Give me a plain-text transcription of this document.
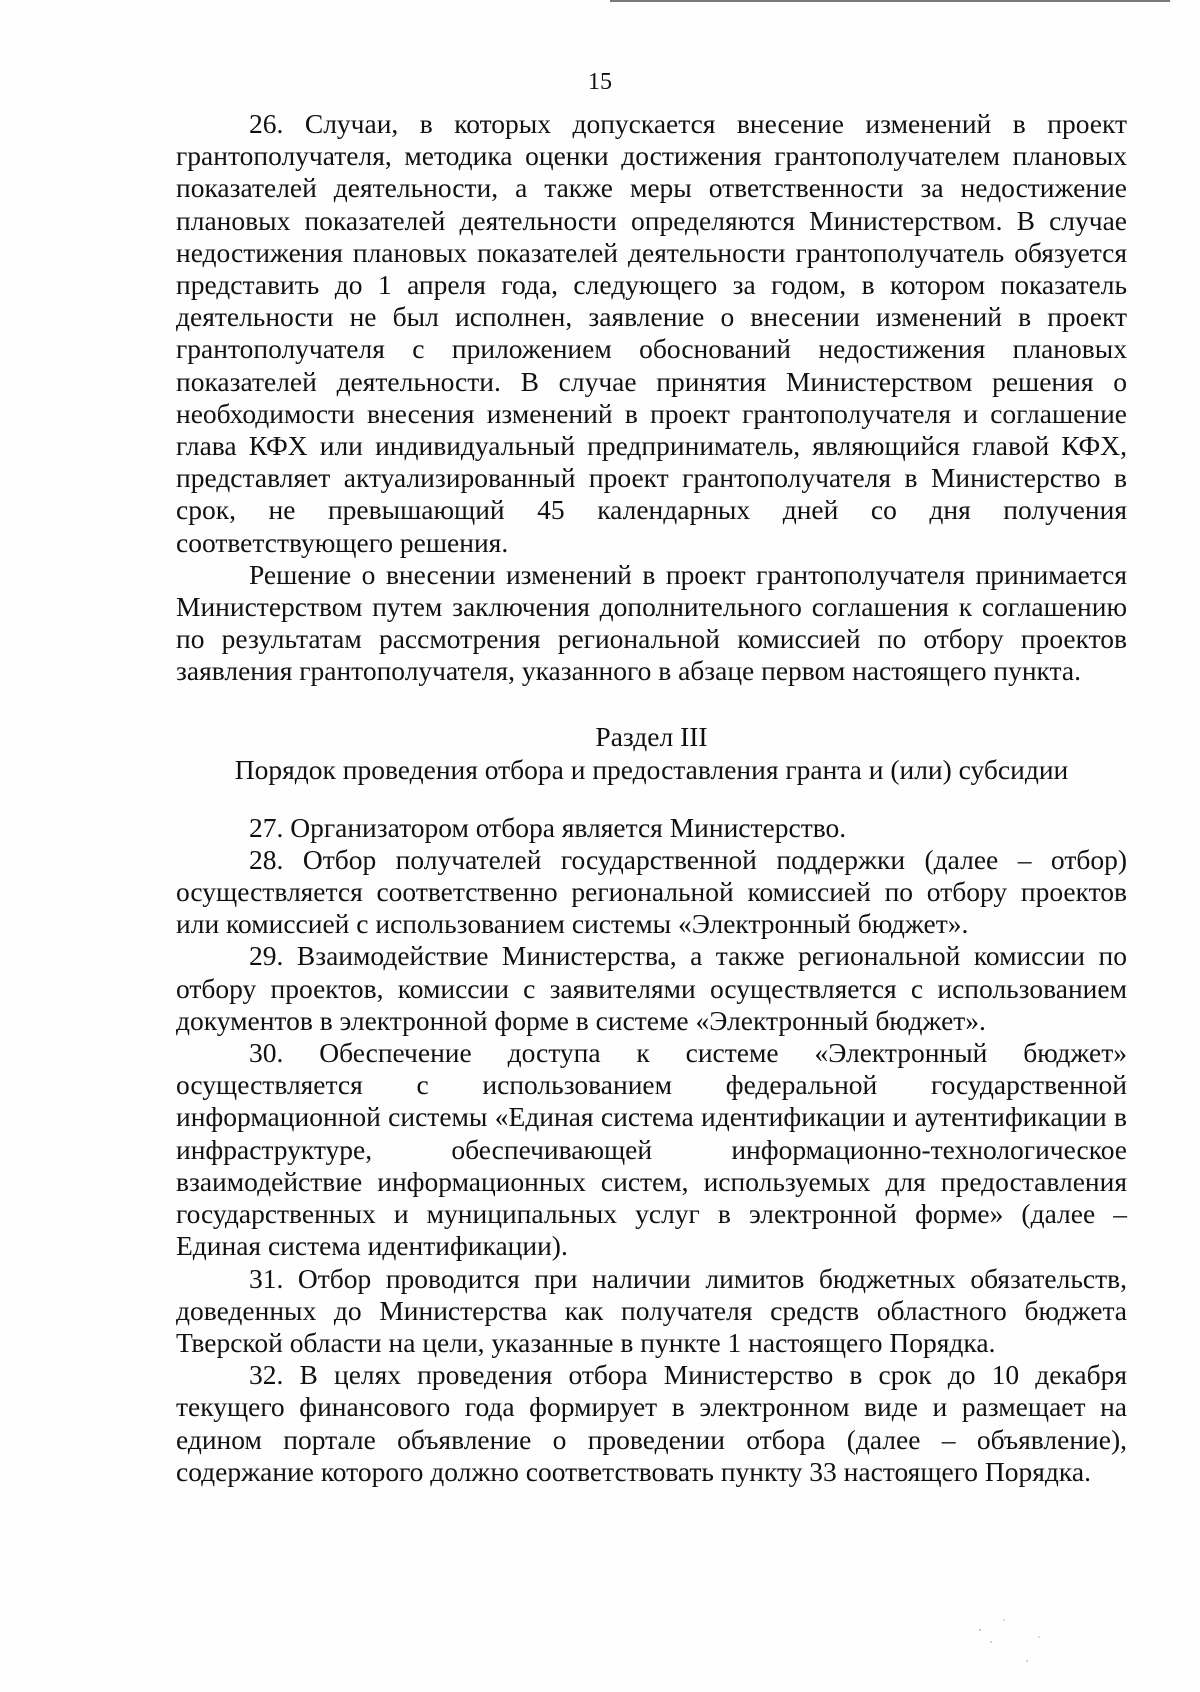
15

26. Случаи, в которых допускается внесение изменений в проект грантополучателя, методика оценки достижения грантополучателем плановых показателей деятельности, а также меры ответственности за недостижение плановых показателей деятельности определяются Министерством. В случае недостижения плановых показателей деятельности грантополучатель обязуется представить до 1 апреля года, следующего за годом, в котором показатель деятельности не был исполнен, заявление о внесении изменений в проект грантополучателя с приложением обоснований недостижения плановых показателей деятельности. В случае принятия Министерством решения о необходимости внесения изменений в проект грантополучателя и соглашение глава КФХ или индивидуальный предприниматель, являющийся главой КФХ, представляет актуализированный проект грантополучателя в Министерство в срок, не превышающий 45 календарных дней со дня получения соответствующего решения.

Решение о внесении изменений в проект грантополучателя принимается Министерством путем заключения дополнительного соглашения к соглашению по результатам рассмотрения региональной комиссией по отбору проектов заявления грантополучателя, указанного в абзаце первом настоящего пункта.

Раздел III

Порядок проведения отбора и предоставления гранта и (или) субсидии

27. Организатором отбора является Министерство.

28. Отбор получателей государственной поддержки (далее – отбор) осуществляется соответственно региональной комиссией по отбору проектов или комиссией с использованием системы «Электронный бюджет».

29. Взаимодействие Министерства, а также региональной комиссии по отбору проектов, комиссии с заявителями осуществляется с использованием документов в электронной форме в системе «Электронный бюджет».

30. Обеспечение доступа к системе «Электронный бюджет» осуществляется с использованием федеральной государственной информационной системы «Единая система идентификации и аутентификации в инфраструктуре, обеспечивающей информационно-технологическое взаимодействие информационных систем, используемых для предоставления государственных и муниципальных услуг в электронной форме» (далее – Единая система идентификации).

31. Отбор проводится при наличии лимитов бюджетных обязательств, доведенных до Министерства как получателя средств областного бюджета Тверской области на цели, указанные в пункте 1 настоящего Порядка.

32. В целях проведения отбора Министерство в срок до 10 декабря текущего финансового года формирует в электронном виде и размещает на едином портале объявление о проведении отбора (далее – объявление), содержание которого должно соответствовать пункту 33 настоящего Порядка.
